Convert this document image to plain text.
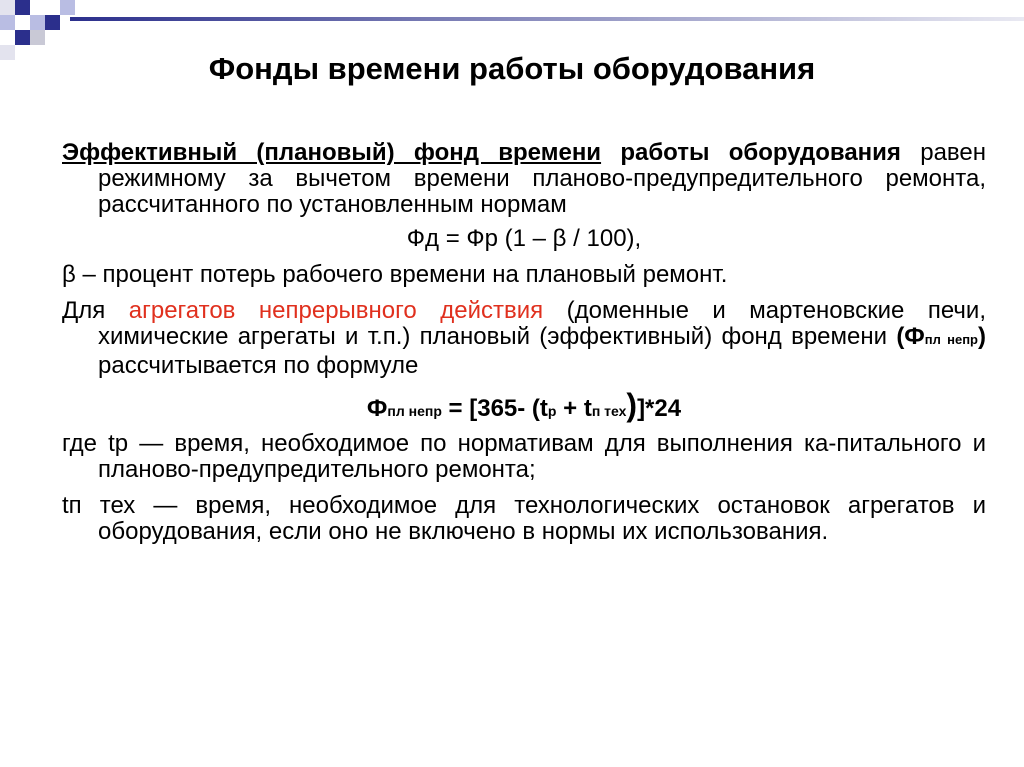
Фонды времени работы оборудования
Эффективный (плановый) фонд времени работы оборудования равен режимному за вычетом времени планово-предупредительного ремонта, рассчитанного по установленным нормам
Фд = Фр (1 – β / 100),
β – процент потерь рабочего времени на плановый ремонт.
Для агрегатов непрерывного действия (доменные и мартеновские печи, химические агрегаты и т.п.) плановый (эффективный) фонд времени (Фпл непр) рассчитывается по формуле
Фпл непр = [365- (tр + tп тех)]*24
где tр — время, необходимое по нормативам для выполнения ка-питального и планово-предупредительного ремонта;
tп тех — время, необходимое для технологических остановок агрегатов и оборудования, если оно не включено в нормы их использования.
